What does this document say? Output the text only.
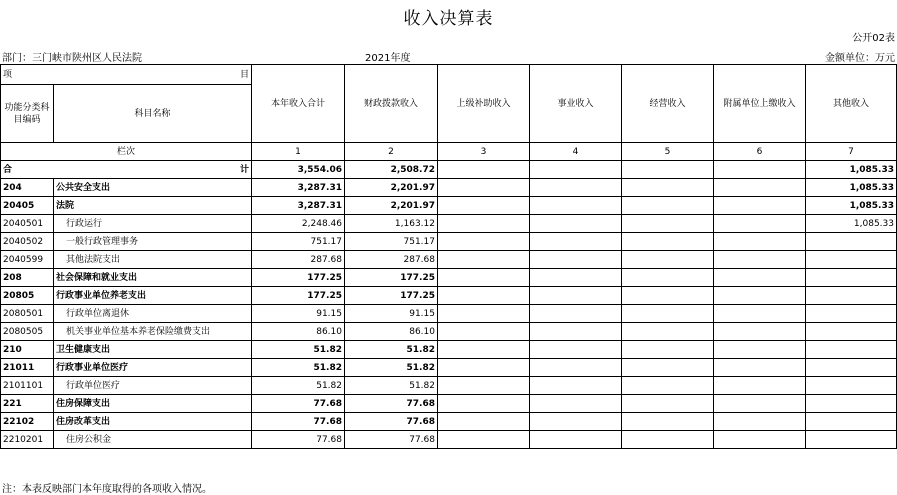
收入决算表
公开02表
部门：三门峡市陕州区人民法院	2021年度	金额单位：万元
项 目		本年收入合计	财政拨款收入	上级补助收入	事业收入	经营收入	附属单位上缴收入	其他收入
功能分类科目编码	科目名称							
栏次		1	2	3	4	5	6	7

合 计		3,554.06	2,508.72					1,085.33
204	公共安全支出	3,287.31	2,201.97					1,085.33
20405	法院	3,287.31	2,201.97					1,085.33
2040501	行政运行	2,248.46	1,163.12					1,085.33
2040502	一般行政管理事务	751.17	751.17					
2040599	其他法院支出	287.68	287.68					
208	社会保障和就业支出	177.25	177.25					
20805	行政事业单位养老支出	177.25	177.25					
2080501	行政单位离退休	91.15	91.15					
2080505	机关事业单位基本养老保险缴费支出	86.10	86.10					
210	卫生健康支出	51.82	51.82					
21011	行政事业单位医疗	51.82	51.82					
2101101	行政单位医疗	51.82	51.82					
221	住房保障支出	77.68	77.68					
22102	住房改革支出	77.68	77.68					
2210201	住房公积金	77.68	77.68					
注：本表反映部门本年度取得的各项收入情况。
